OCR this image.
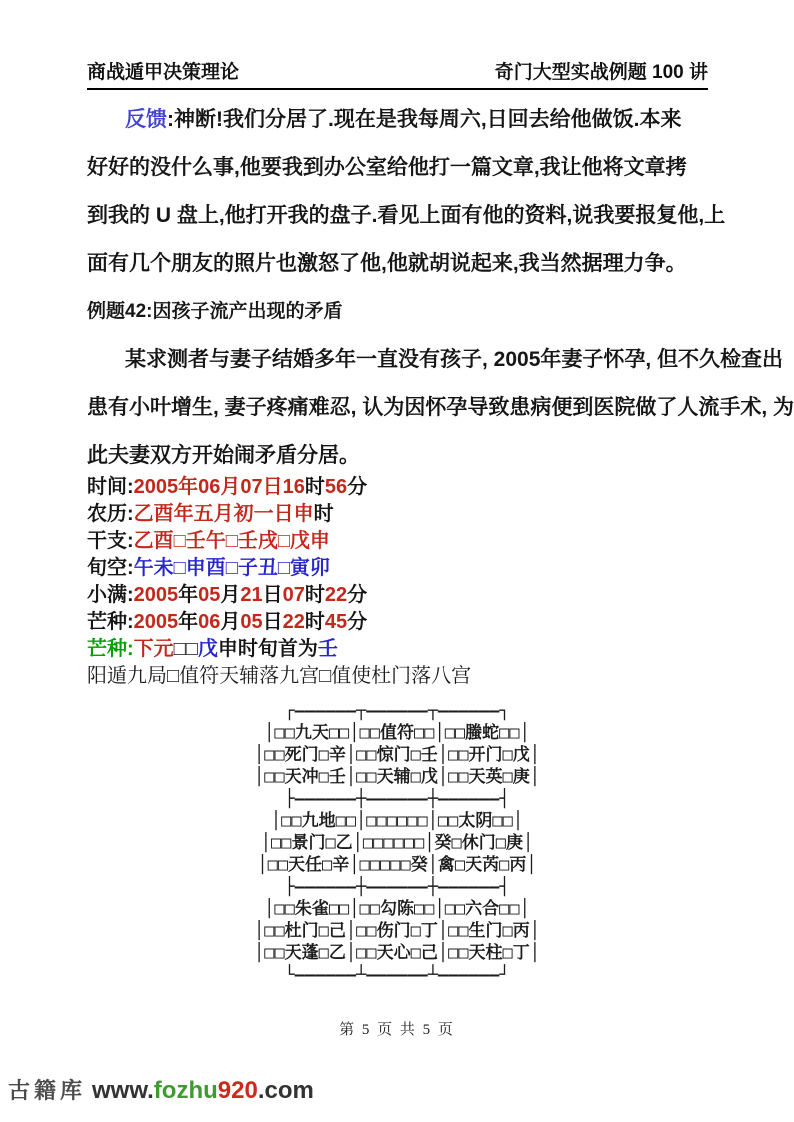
商战遁甲决策理论	奇门大型实战例题 100 讲
反馈:神断!我们分居了.现在是我每周六,日回去给他做饭.本来
好好的没什么事,他要我到办公室给他打一篇文章,我让他将文章拷
到我的 U 盘上,他打开我的盘子.看见上面有他的资料,说我要报复他,上
面有几个朋友的照片也激怒了他,他就胡说起来,我当然据理力争。
例题42:因孩子流产出现的矛盾
某求测者与妻子结婚多年一直没有孩子, 2005年妻子怀孕, 但不久检查出
患有小叶增生, 妻子疼痛难忍, 认为因怀孕导致患病便到医院做了人流手术, 为
此夫妻双方开始闹矛盾分居。
时间:2005年06月07日16时56分
农历:乙酉年五月初一日申时
干支:乙酉□壬午□壬戌□戊申
旬空:午未□申酉□子丑□寅卯
小满:2005年05月21日07时22分
芒种:2005年06月05日22时45分
芒种:下元□□戊申时旬首为壬
阳遁九局□值符天辅落九宫□值使杜门落八宫
┌——————┬——————┬——————┐
│□□九天□□│□□值符□□│□□螣蛇□□│
│□□死门□辛│□□惊门□壬│□□开门□戊│
│□□天冲□壬│□□天辅□戊│□□天英□庚│
├——————┼——————┼——————┤
│□□九地□□│□□□□□□│□□太阴□□│
│□□景门□乙│□□□□□□│癸□休门□庚│
│□□天任□辛│□□□□□癸│禽□天芮□丙│
├——————┼——————┼——————┤
│□□朱雀□□│□□勾陈□□│□□六合□□│
│□□杜门□己│□□伤门□丁│□□生门□丙│
│□□天蓬□乙│□□天心□己│□□天柱□丁│
└——————┴——————┴——————┘
第 5 页 共 5 页
古籍库 www.fozhu920.com
